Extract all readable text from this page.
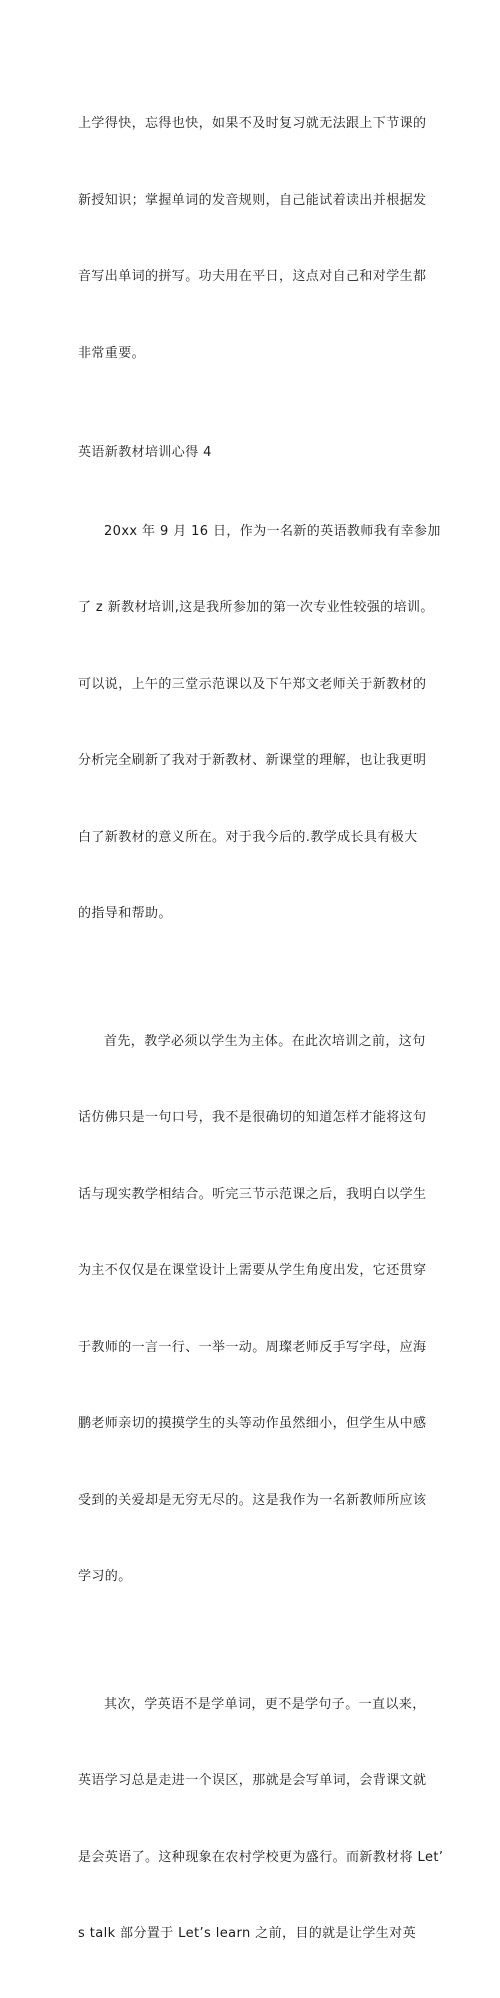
上学得快，忘得也快，如果不及时复习就无法跟上下节课的

新授知识；掌握单词的发音规则，自己能试着读出并根据发

音写出单词的拼写。功夫用在平日，这点对自己和对学生都

非常重要。

英语新教材培训心得 4

20xx 年 9 月 16 日，作为一名新的英语教师我有幸参加

了 z 新教材培训,这是我所参加的第一次专业性较强的培训。

可以说，上午的三堂示范课以及下午郑文老师关于新教材的

分析完全刷新了我对于新教材、新课堂的理解，也让我更明

白了新教材的意义所在。对于我今后的.教学成长具有极大

的指导和帮助。

首先，教学必须以学生为主体。在此次培训之前，这句

话仿佛只是一句口号，我不是很确切的知道怎样才能将这句

话与现实教学相结合。听完三节示范课之后，我明白以学生

为主不仅仅是在课堂设计上需要从学生角度出发，它还贯穿

于教师的一言一行、一举一动。周璨老师反手写字母，应海

鹏老师亲切的摸摸学生的头等动作虽然细小，但学生从中感

受到的关爱却是无穷无尽的。这是我作为一名新教师所应该

学习的。

其次，学英语不是学单词，更不是学句子。一直以来，

英语学习总是走进一个误区，那就是会写单词，会背课文就

是会英语了。这种现象在农村学校更为盛行。而新教材将 Let’

s talk 部分置于 Let’s learn 之前，目的就是让学生对英
